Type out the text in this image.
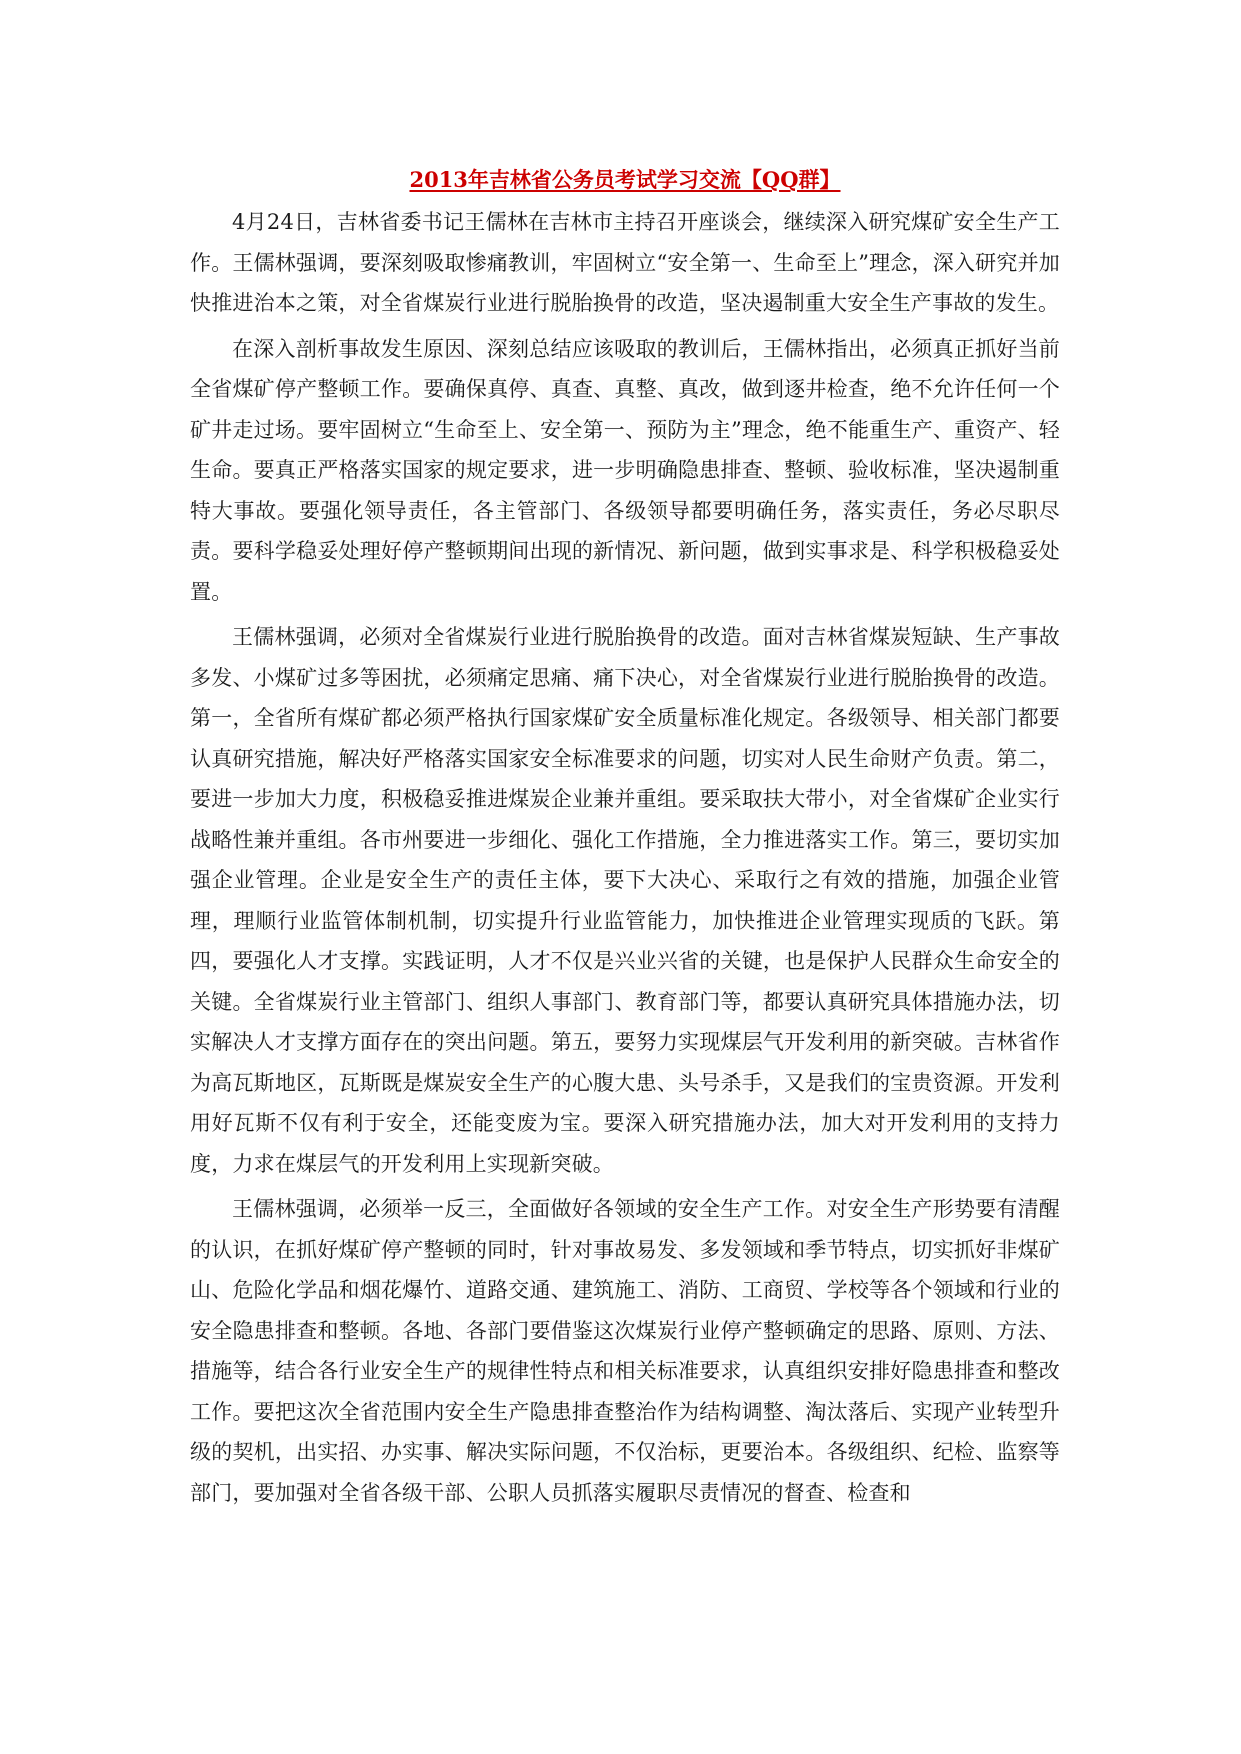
2013年吉林省公务员考试学习交流【QQ群】

4月24日，吉林省委书记王儒林在吉林市主持召开座谈会，继续深入研究煤矿安全生产工作。王儒林强调，要深刻吸取惨痛教训，牢固树立“安全第一、生命至上”理念，深入研究并加快推进治本之策，对全省煤炭行业进行脱胎换骨的改造，坚决遏制重大安全生产事故的发生。

在深入剖析事故发生原因、深刻总结应该吸取的教训后，王儒林指出，必须真正抓好当前全省煤矿停产整顿工作。要确保真停、真查、真整、真改，做到逐井检查，绝不允许任何一个矿井走过场。要牢固树立“生命至上、安全第一、预防为主”理念，绝不能重生产、重资产、轻生命。要真正严格落实国家的规定要求，进一步明确隐患排查、整顿、验收标准，坚决遏制重特大事故。要强化领导责任，各主管部门、各级领导都要明确任务，落实责任，务必尽职尽责。要科学稳妥处理好停产整顿期间出现的新情况、新问题，做到实事求是、科学积极稳妥处置。

王儒林强调，必须对全省煤炭行业进行脱胎换骨的改造。面对吉林省煤炭短缺、生产事故多发、小煤矿过多等困扰，必须痛定思痛、痛下决心，对全省煤炭行业进行脱胎换骨的改造。第一，全省所有煤矿都必须严格执行国家煤矿安全质量标准化规定。各级领导、相关部门都要认真研究措施，解决好严格落实国家安全标准要求的问题，切实对人民生命财产负责。第二，要进一步加大力度，积极稳妥推进煤炭企业兼并重组。要采取扶大带小，对全省煤矿企业实行战略性兼并重组。各市州要进一步细化、强化工作措施，全力推进落实工作。第三，要切实加强企业管理。企业是安全生产的责任主体，要下大决心、采取行之有效的措施，加强企业管理，理顺行业监管体制机制，切实提升行业监管能力，加快推进企业管理实现质的飞跃。第四，要强化人才支撑。实践证明，人才不仅是兴业兴省的关键，也是保护人民群众生命安全的关键。全省煤炭行业主管部门、组织人事部门、教育部门等，都要认真研究具体措施办法，切实解决人才支撑方面存在的突出问题。第五，要努力实现煤层气开发利用的新突破。吉林省作为高瓦斯地区，瓦斯既是煤炭安全生产的心腹大患、头号杀手，又是我们的宝贵资源。开发利用好瓦斯不仅有利于安全，还能变废为宝。要深入研究措施办法，加大对开发利用的支持力度，力求在煤层气的开发利用上实现新突破。

王儒林强调，必须举一反三，全面做好各领域的安全生产工作。对安全生产形势要有清醒的认识，在抓好煤矿停产整顿的同时，针对事故易发、多发领域和季节特点，切实抓好非煤矿山、危险化学品和烟花爆竹、道路交通、建筑施工、消防、工商贸、学校等各个领域和行业的安全隐患排查和整顿。各地、各部门要借鉴这次煤炭行业停产整顿确定的思路、原则、方法、措施等，结合各行业安全生产的规律性特点和相关标准要求，认真组织安排好隐患排查和整改工作。要把这次全省范围内安全生产隐患排查整治作为结构调整、淘汰落后、实现产业转型升级的契机，出实招、办实事、解决实际问题，不仅治标，更要治本。各级组织、纪检、监察等部门，要加强对全省各级干部、公职人员抓落实履职尽责情况的督查、检查和
